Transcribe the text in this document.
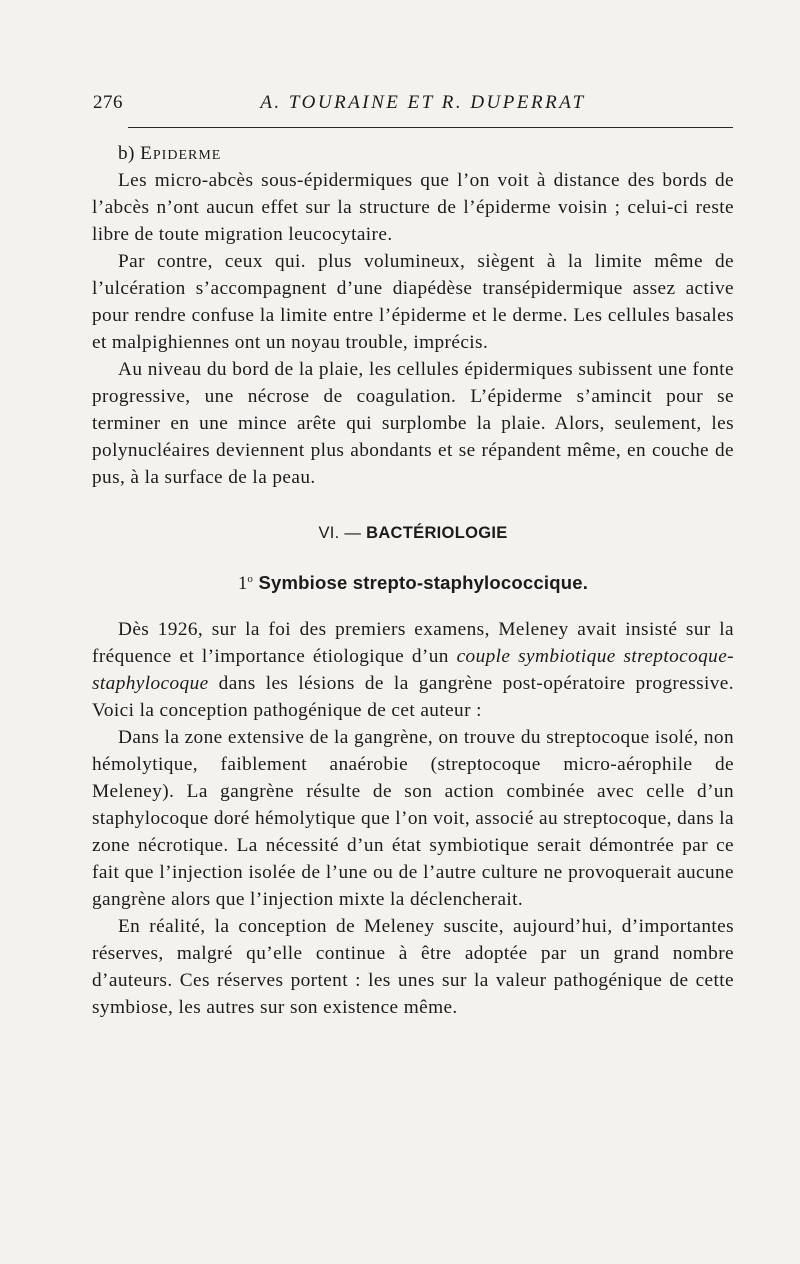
276	A. TOURAINE ET R. DUPERRAT

b) Epiderme

Les micro-abcès sous-épidermiques que l’on voit à distance des bords de l’abcès n’ont aucun effet sur la structure de l’épiderme voisin ; celui-ci reste libre de toute migration leucocytaire.

Par contre, ceux qui. plus volumineux, siègent à la limite même de l’ulcération s’accompagnent d’une diapédèse transépidermique assez active pour rendre confuse la limite entre l’épiderme et le derme. Les cellules basales et malpighiennes ont un noyau trouble, imprécis.

Au niveau du bord de la plaie, les cellules épidermiques subissent une fonte progressive, une nécrose de coagulation. L’épiderme s’amincit pour se terminer en une mince arête qui surplombe la plaie. Alors, seulement, les polynucléaires deviennent plus abondants et se répandent même, en couche de pus, à la surface de la peau.

VI. — BACTÉRIOLOGIE
1$^o$ Symbiose strepto-staphylococcique.

Dès 1926, sur la foi des premiers examens, Meleney avait insisté sur la fréquence et l’importance étiologique d’un couple symbiotique streptocoque-staphylocoque dans les lésions de la gangrène post-opératoire progressive. Voici la conception pathogénique de cet auteur :

Dans la zone extensive de la gangrène, on trouve du streptocoque isolé, non hémolytique, faiblement anaérobie (streptocoque micro-aérophile de Meleney). La gangrène résulte de son action combinée avec celle d’un staphylocoque doré hémolytique que l’on voit, associé au streptocoque, dans la zone nécrotique. La nécessité d’un état symbiotique serait démontrée par ce fait que l’injection isolée de l’une ou de l’autre culture ne provoquerait aucune gangrène alors que l’injection mixte la déclencherait.

En réalité, la conception de Meleney suscite, aujourd’hui, d’importantes réserves, malgré qu’elle continue à être adoptée par un grand nombre d’auteurs. Ces réserves portent : les unes sur la valeur pathogénique de cette symbiose, les autres sur son existence même.
